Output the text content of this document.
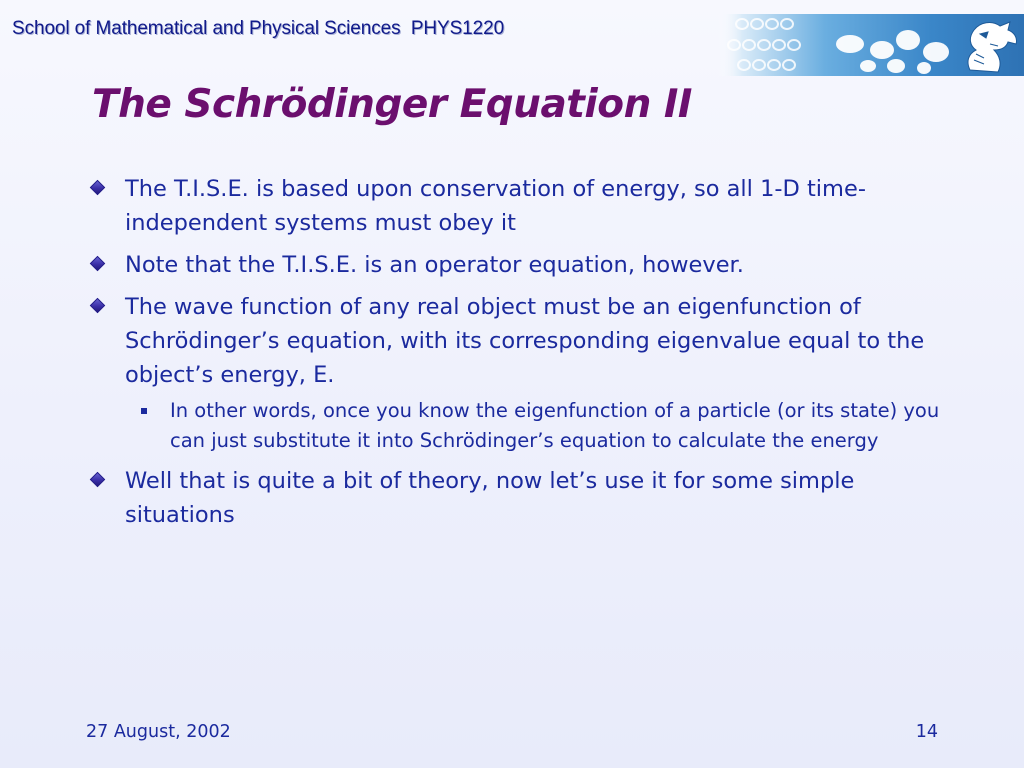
School of Mathematical and Physical Sciences  PHYS1220
The Schrödinger Equation II
The T.I.S.E. is based upon conservation of energy, so all 1-D time-independent systems must obey it
Note that the T.I.S.E. is an operator equation, however.
The wave function of any real object must be an eigenfunction of Schrödinger’s equation, with its corresponding eigenvalue equal to the object’s energy, E.
In other words, once you know the eigenfunction of a particle (or its state) you can just substitute it into Schrödinger’s equation to calculate the energy
Well that is quite a bit of theory, now let’s use it for some simple situations
27 August, 2002	14
